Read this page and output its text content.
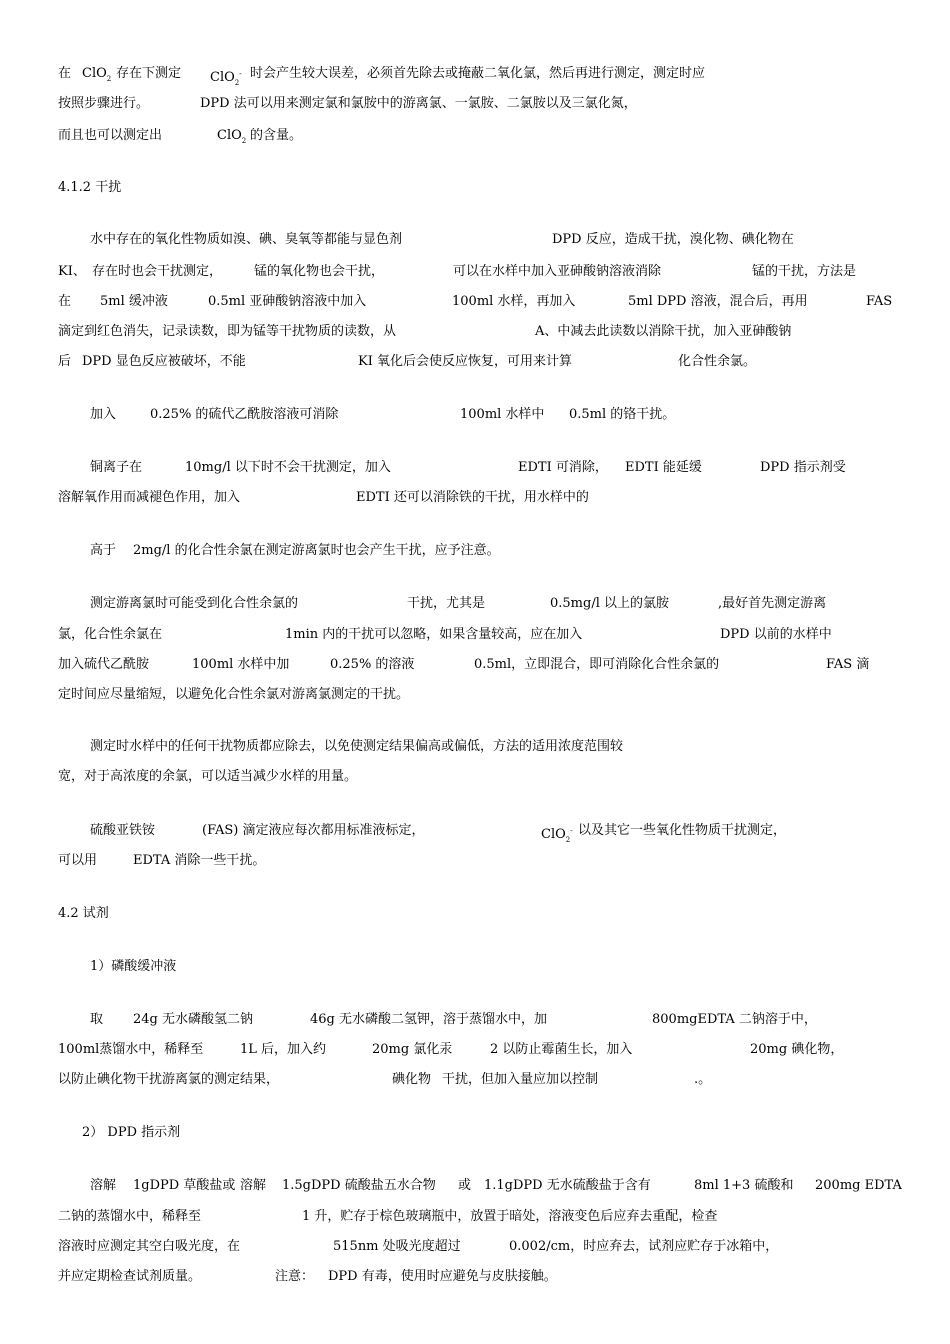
在 ClO$_2$ 存在下测定 ClO$_2$- 时会产生较大误差，必须首先除去或掩蔽二氧化氯，然后再进行测定，测定时应
按照步骤进行。	DPD 法可以用来测定氯和氯胺中的游离氯、一氯胺、二氯胺以及三氯化氮，
而且也可以测定出	ClO$_2$ 的含量。
4.1.2 干扰
水中存在的氧化性物质如溴、碘、臭氧等都能与显色剂	DPD 反应，造成干扰，溴化物、碘化物在
KI、 存在时也会干扰测定， 锰的氧化物也会干扰，	可以在水样中加入亚砷酸钠溶液消除	锰的干扰，方法是
在 5ml 缓冲液	0.5ml 亚砷酸钠溶液中加入	100ml 水样，再加入	5ml DPD 溶液，混合后，再用	FAS
滴定到红色消失，记录读数，即为锰等干扰物质的读数，从	A、中减去此读数以消除干扰，加入亚砷酸钠
后 DPD 显色反应被破坏，不能	KI 氧化后会使反应恢复，可用来计算	化合性余氯。
加入	0.25% 的硫代乙酰胺溶液可消除	100ml 水样中 0.5ml 的铬干扰。
铜离子在	10mg/l 以下时不会干扰测定，加入	EDTI 可消除， EDTI 能延缓	DPD 指示剂受
溶解氧作用而减褪色作用，加入	EDTI 还可以消除铁的干扰，用水样中的
高于 2mg/l 的化合性余氯在测定游离氯时也会产生干扰，应予注意。
测定游离氯时可能受到化合性余氯的	干扰，尤其是	0.5mg/l 以上的氯胺	,最好首先测定游离
氯，化合性余氯在	1min 内的干扰可以忽略，如果含量较高，应在加入	DPD 以前的水样中
加入硫代乙酰胺	100ml 水样中加	0.25% 的溶液	0.5ml，立即混合，即可消除化合性余氯的	FAS 滴
定时间应尽量缩短，以避免化合性余氯对游离氯测定的干扰。
测定时水样中的任何干扰物质都应除去，以免使测定结果偏高或偏低，方法的适用浓度范围较
宽，对于高浓度的余氯，可以适当减少水样的用量。
硫酸亚铁铵	(FAS) 滴定液应每次都用标准液标定，	ClO$_2$- 以及其它一些氧化性物质干扰测定，
可以用	EDTA 消除一些干扰。
4.2 试剂
1）磷酸缓冲液
取 24g 无水磷酸氢二钠	46g 无水磷酸二氢钾，溶于蒸馏水中，加	800mgEDTA 二钠溶于中，
100ml蒸馏水中，稀释至	1L 后，加入约	20mg 氯化汞	2 以防止霉菌生长，加入	20mg 碘化物，
以防止碘化物干扰游离氯的测定结果，	碘化物 干扰，但加入量应加以控制	.。
2） DPD 指示剂
溶解 1gDPD 草酸盐或 溶解 1.5gDPD 硫酸盐五水合物 或 1.1gDPD 无水硫酸盐于含有	8ml 1+3 硫酸和 200mg EDTA
二钠的蒸馏水中，稀释至	1 升，贮存于棕色玻璃瓶中，放置于暗处，溶液变色后应弃去重配，检查
溶液时应测定其空白吸光度，在	515nm 处吸光度超过	0.002/cm，时应弃去，试剂应贮存于冰箱中，
并应定期检查试剂质量。	注意： DPD 有毒，使用时应避免与皮肤接触。
